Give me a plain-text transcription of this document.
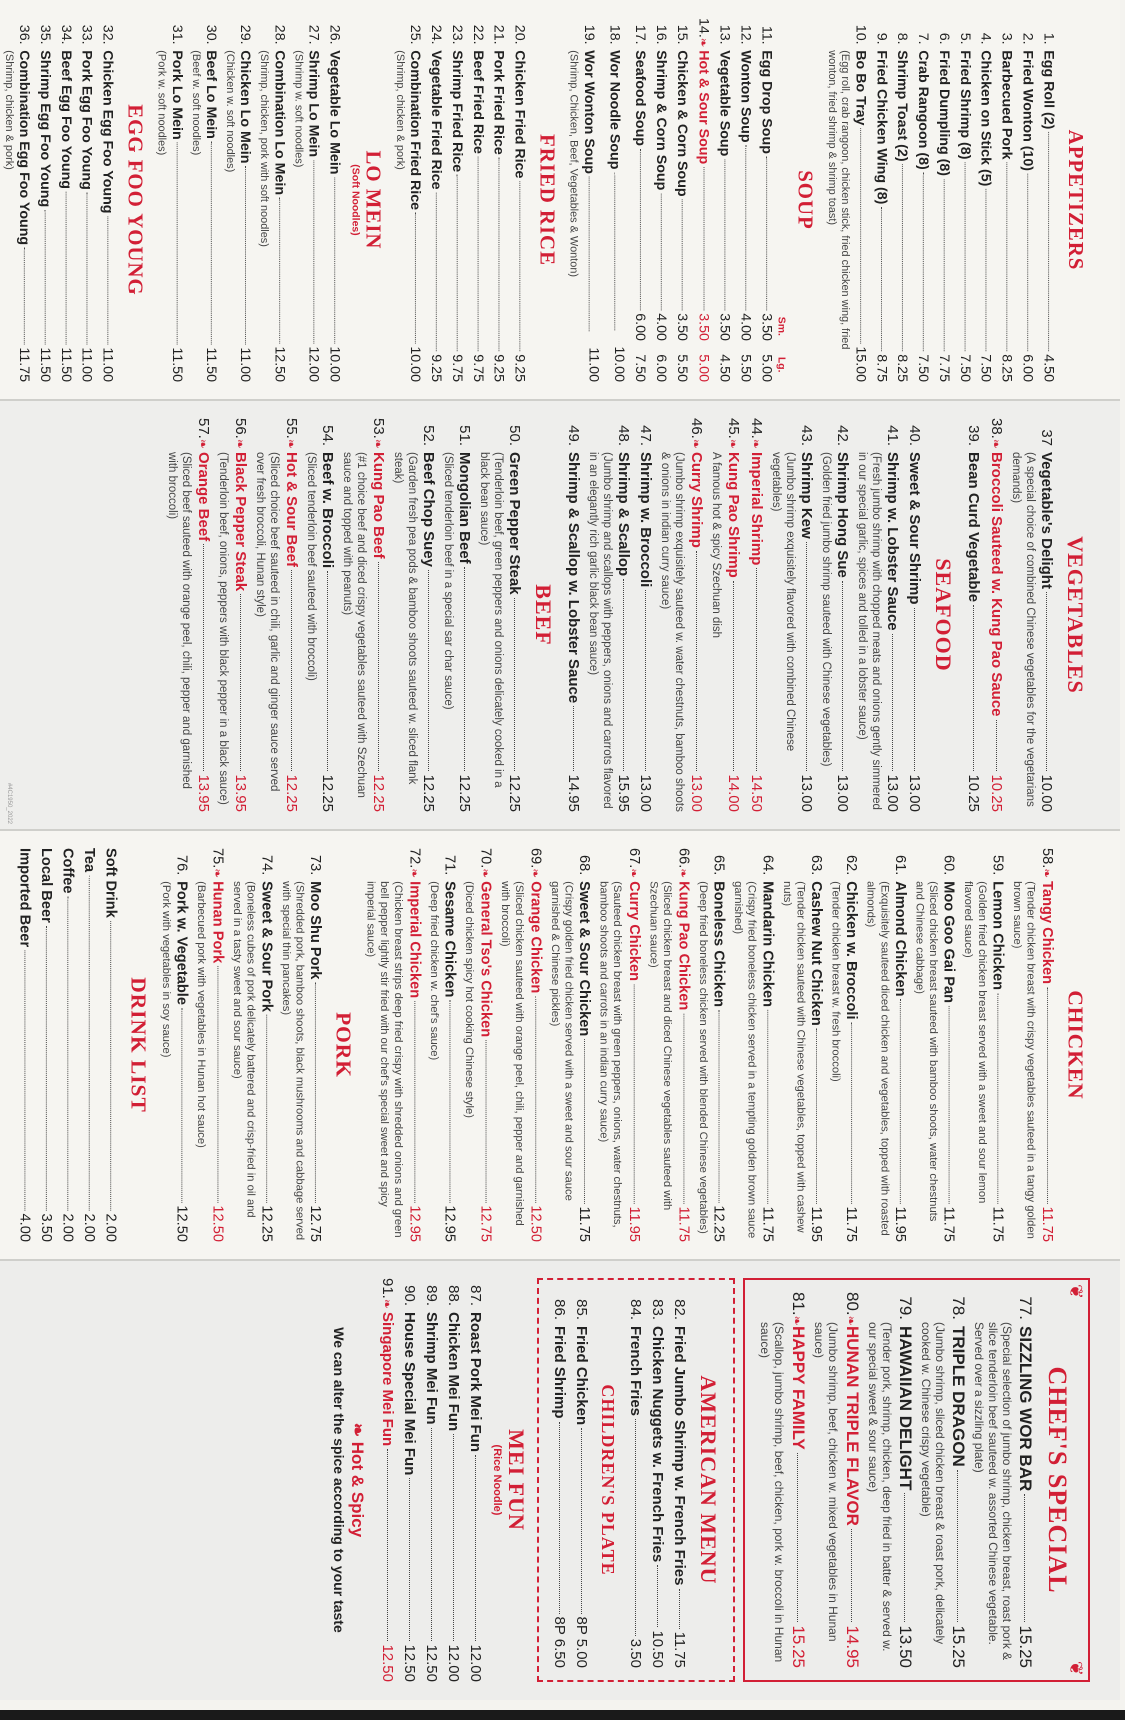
APPETIZERS
1.
Egg Roll (2)
4.50
2.
Fried Wonton (10)
6.00
3.
Barbecued Pork
8.25
4.
Chicken on Stick (5)
7.50
5.
Fried Shrimp (8)
7.50
6.
Fried Dumpling (8)
7.75
7.
Crab Rangoon (8)
7.50
8.
Shrimp Toast (2)
8.25
9.
Fried Chicken Wing (8)
8.75
10.
Bo Bo Tray
15.00
(Egg roll, crab rangoon, chicken stick, fried chicken wing, fried wonton, fried shrimp & shrimp toast)
SOUP
Sm.
Lg.
11.
Egg Drop Soup
3.50
5.00
12.
Wonton Soup
4.00
5.50
13.
Vegetable Soup
3.50
4.50
14.❧
Hot & Sour Soup
3.50
5.00
15.
Chicken & Corn Soup
3.50
5.50
16.
Shrimp & Corn Soup
4.00
6.00
17.
Seafood Soup
6.00
7.50
18.
Wor Noodle Soup
10.00
19.
Wor Wonton Soup
11.00
(Shrimp, Chicken, Beef, Vegetables & Wonton)
FRIED RICE
20.
Chicken Fried Rice
9.25
21.
Pork Fried Rice
9.25
22.
Beef Fried Rice
9.75
23.
Shrimp Fried Rice
9.75
24.
Vegetable Fried Rice
9.25
25.
Combination Fried Rice
10.00
(Shrimp, chicken & pork)
LO MEIN
(Soft Noodles)
26.
Vegetable Lo Mein
10.00
27.
Shrimp Lo Mein
12.00
(Shrimp w. soft noodles)
28.
Combination Lo Mein
12.50
(Shrimp, chicken, pork with soft noodles)
29.
Chicken Lo Mein
11.00
(Chicken w. soft noodles)
30.
Beef Lo Mein
11.50
(Beef w. soft noodles)
31.
Pork Lo Mein
11.50
(Pork w. soft noodles)
EGG FOO YOUNG
32.
Chicken Egg Foo Young
11.00
33.
Pork Egg Foo Young
11.00
34.
Beef Egg Foo Young
11.50
35.
Shrimp Egg Foo Young
11.50
36.
Combination Egg Foo Young
11.75
(Shrimp, chicken & pork)
VEGETABLES
37
Vegetable's Delight
10.00
(A special choice of combined Chinese vegetables for the vegetarians demands)
38.❧
Broccoli Sauteed w. Kung Pao Sauce
10.25
39.
Bean Curd Vegetable
10.25
SEAFOOD
40.
Sweet & Sour Shrimp
13.00
41.
Shrimp w. Lobster Sauce
13.00
(Fresh jumbo shrimp with chopped meats and onions gently simmered in our special garlic, spices and tolled in a lobster sauce)
42.
Shrimp Hong Sue
13.00
(Golden fried jumbo shrimp sauteed with Chinese vegetables)
43.
Shrimp Kew
13.00
(Jumbo shrimp exquisitely flavored with combined Chinese vegetables)
44.❧
Imperial Shrimp
14.50
45.❧
Kung Pao Shrimp
14.00
A famous hot & spicy Szechuan dish
46.❧
Curry Shrimp
13.00
(Jumbo shrimp exquisitely sauteed w. water chestnuts, bamboo shoots & onions in indian curry sauce)
47.
Shrimp w. Broccoli
13.00
48.
Shrimp & Scallop
15.95
(Jumbo shrimp and scallops with peppers, onions and carrots flavored in an elegantly rich garlic black bean sauce)
49.
Shrimp & Scallop w. Lobster Sauce
14.95
BEEF
50.
Green Pepper Steak
12.25
(Tenderloin beef, green peppers and onions delicately cooked in a black bean sauce)
51.
Mongolian Beef
12.25
(Sliced tenderloin beef in a special sar char sauce)
52.
Beef Chop Suey
12.25
(Garden fresh pea pods & bamboo shoots sauteed w. sliced flank steak)
53.❧
Kung Pao Beef
12.25
(#1 choice beef and diced crispy vegetables sauteed with Szechuan sauce and topped with peanuts)
54.
Beef w. Broccoli
12.25
(Sliced tenderloin beef sauteed with broccoli)
55.❧
Hot & Sour Beef
12.25
(Sliced choice beef sauteed in chili, garlic and ginger sauce served over fresh broccoli, Hunan style)
56.❧
Black Pepper Steak
13.95
(Tenderloin beef, onions, peppers with black pepper in a black sauce)
57.❧
Orange Beef
13.95
(Sliced beef sauteed with orange peel, chili, pepper and garnished with broccoli)
#4C1950_2022
CHICKEN
58.❧
Tangy Chicken
11.75
(Tender chicken breast with crispy vegetables sauteed in a tangy golden brown sauce)
59.
Lemon Chicken
11.75
(Golden fried chicken breast served with a sweet and sour lemon flavored sauce)
60.
Moo Goo Gai Pan
11.75
(Sliced chicken breast sauteed with bamboo shoots, water chestnuts and Chinese cabbage)
61.
Almond Chicken
11.95
(Exquisitely sauteed diced chicken and vegetables, topped with roasted almonds)
62.
Chicken w. Broccoli
11.75
(Tender chicken breast w. fresh broccoli)
63.
Cashew Nut Chicken
11.95
(Tender chicken sauteed with Chinese vegetables, topped with cashew nuts)
64.
Mandarin Chicken
11.75
(Crispy fried boneless chicken served in a tempting golden brown sauce garnished)
65.
Boneless Chicken
12.25
(Deep fried boneless chicken served with blended Chinese vegetables)
66.❧
Kung Pao Chicken
11.75
(Sliced chicken breast and diced Chinese vegetables sauteed with Szechuan sauce)
67.❧
Curry Chicken
11.95
(Sauteed chicken breast with green peppers, onions, water chestnuts, bamboo shoots and carrots in an indian curry sauce)
68.
Sweet & Sour Chicken
11.75
(Crispy golden fried chicken served with a sweet and sour sauce garnished & Chinese pickles)
69.❧
Orange Chicken
12.50
(Sliced chicken sauteed with orange peel, chili, pepper and garnished with broccoli)
70.❧
General Tso's Chicken
12.75
(Diced chicken spicy hot cooking Chinese style)
71.
Sesame Chicken
12.95
(Deep fried chicken w. chef's sauce)
72.❧
Imperial Chicken
12.95
(Chicken breast strips deep fried crispy with shredded onions and green bell pepper lightly stir fried with our chef's special sweet and spicy imperial sauce)
PORK
73.
Moo Shu Pork
12.75
(Shredded pork, bamboo shoots, black mushrooms and cabbage served with special thin pancakes)
74.
Sweet & Sour Pork
12.25
(Boneless cubes of pork delicately battered and crisp-fried in oil and served in a tasty sweet and sour sauce)
75.❧
Hunan Pork
12.50
(Barbecued pork with vegetables in Hunan hot sauce)
76.
Pork w. Vegetable
12.50
(Pork with vegetables in soy sauce)
DRINK LIST
Soft Drink
2.00
Tea
2.00
Coffee
2.00
Local Beer
3.50
Imported Beer
4.00
❦
❦
CHEF'S SPECIAL
77.
SIZZLING WOR BAR
15.25
(Special selection of jumbo shrimp, chicken breast, roast pork & slice tenderloin beef sauteed w. assorted Chinese vegetable. Served over a sizzling plate)
78.
TRIPLE DRAGON
15.25
(Jumbo shrimp, sliced chicken breast & roast pork, delicately cooked w. Chinese crispy vegetable)
79.
HAWAIIAN DELIGHT
13.50
(Tender pork, shrimp, chicken, deep fried in batter & served w. our special sweet & sour sauce)
80.❧
HUNAN TRIPLE FLAVOR
14.95
(Jumbo shrimp, beef, chicken w. mixed vegetables in Hunan sauce)
81.❧
HAPPY FAMILY
15.25
(Scallop, jumbo shrimp, beef, chicken, pork w. broccoli in Hunan sauce)
AMERICAN MENU
82.
Fried Jumbo Shrimp w. French Fries
11.75
83.
Chicken Nuggets w. French Fries
10.50
84.
French Fries
3.50
CHILDREN'S PLATE
85.
Fried Chicken
8P 5.00
86.
Fried Shrimp
8P 6.50
MEI FUN
(Rice Noodle)
87.
Roast Pork Mei Fun
12.00
88.
Chicken Mei Fun
12.00
89.
Shrimp Mei Fun
12.50
90.
House Special Mei Fun
12.50
91.❧
Singapore Mei Fun
12.50
❧ Hot & Spicy
We can alter the spice according to your taste
